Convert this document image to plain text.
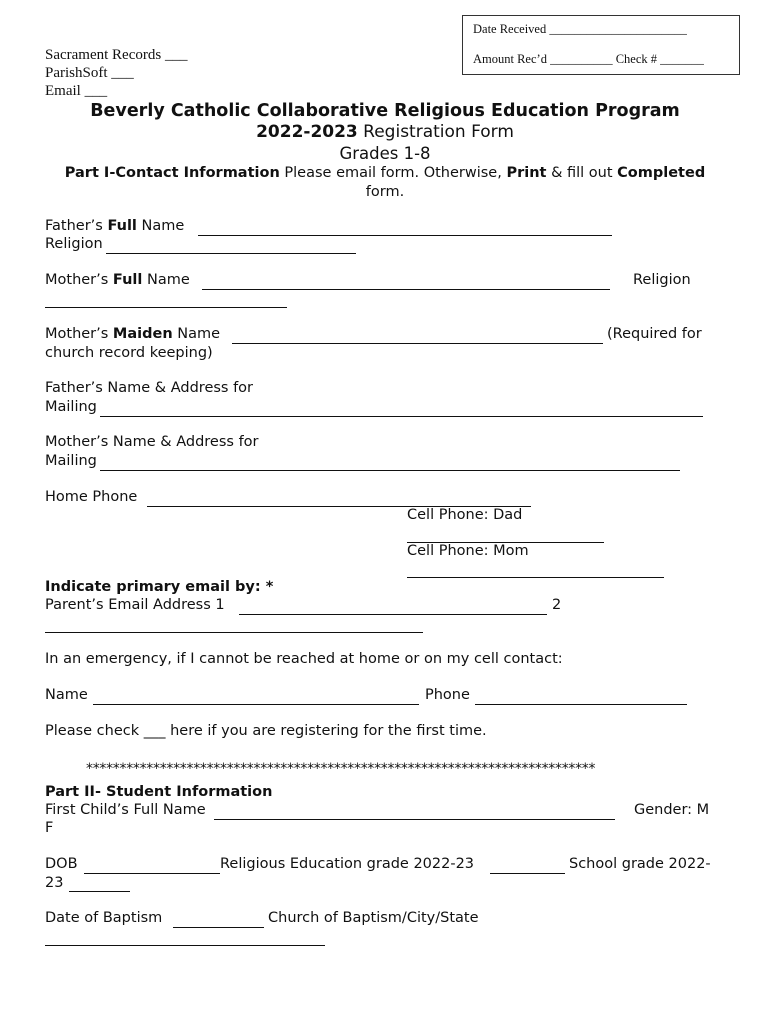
Date Received ______________________
Amount Rec’d __________ Check # _______
Sacrament Records ___
ParishSoft ___
Email ___
Beverly Catholic Collaborative Religious Education Program
2022-2023 Registration Form
Grades 1-8
Part I-Contact Information Please email form. Otherwise, Print & fill out Completed form.
Father’s Full Name
Religion
Mother’s Full Name	Religion
Mother’s Maiden Name	(Required for
church record keeping)
Father’s Name & Address for
Mailing
Mother’s Name & Address for
Mailing
Home Phone
Cell Phone: Dad
Cell Phone: Mom
Indicate primary email by: *
Parent’s Email Address 1	2
In an emergency, if I cannot be reached at home or on my cell contact:
Name	Phone
Please check ___ here if you are registering for the first time.
****************************************************************************
Part II- Student Information
First Child’s Full Name	Gender: M
F
DOB	Religious Education grade 2022-23	School grade 2022-
23
Date of Baptism	Church of Baptism/City/State
